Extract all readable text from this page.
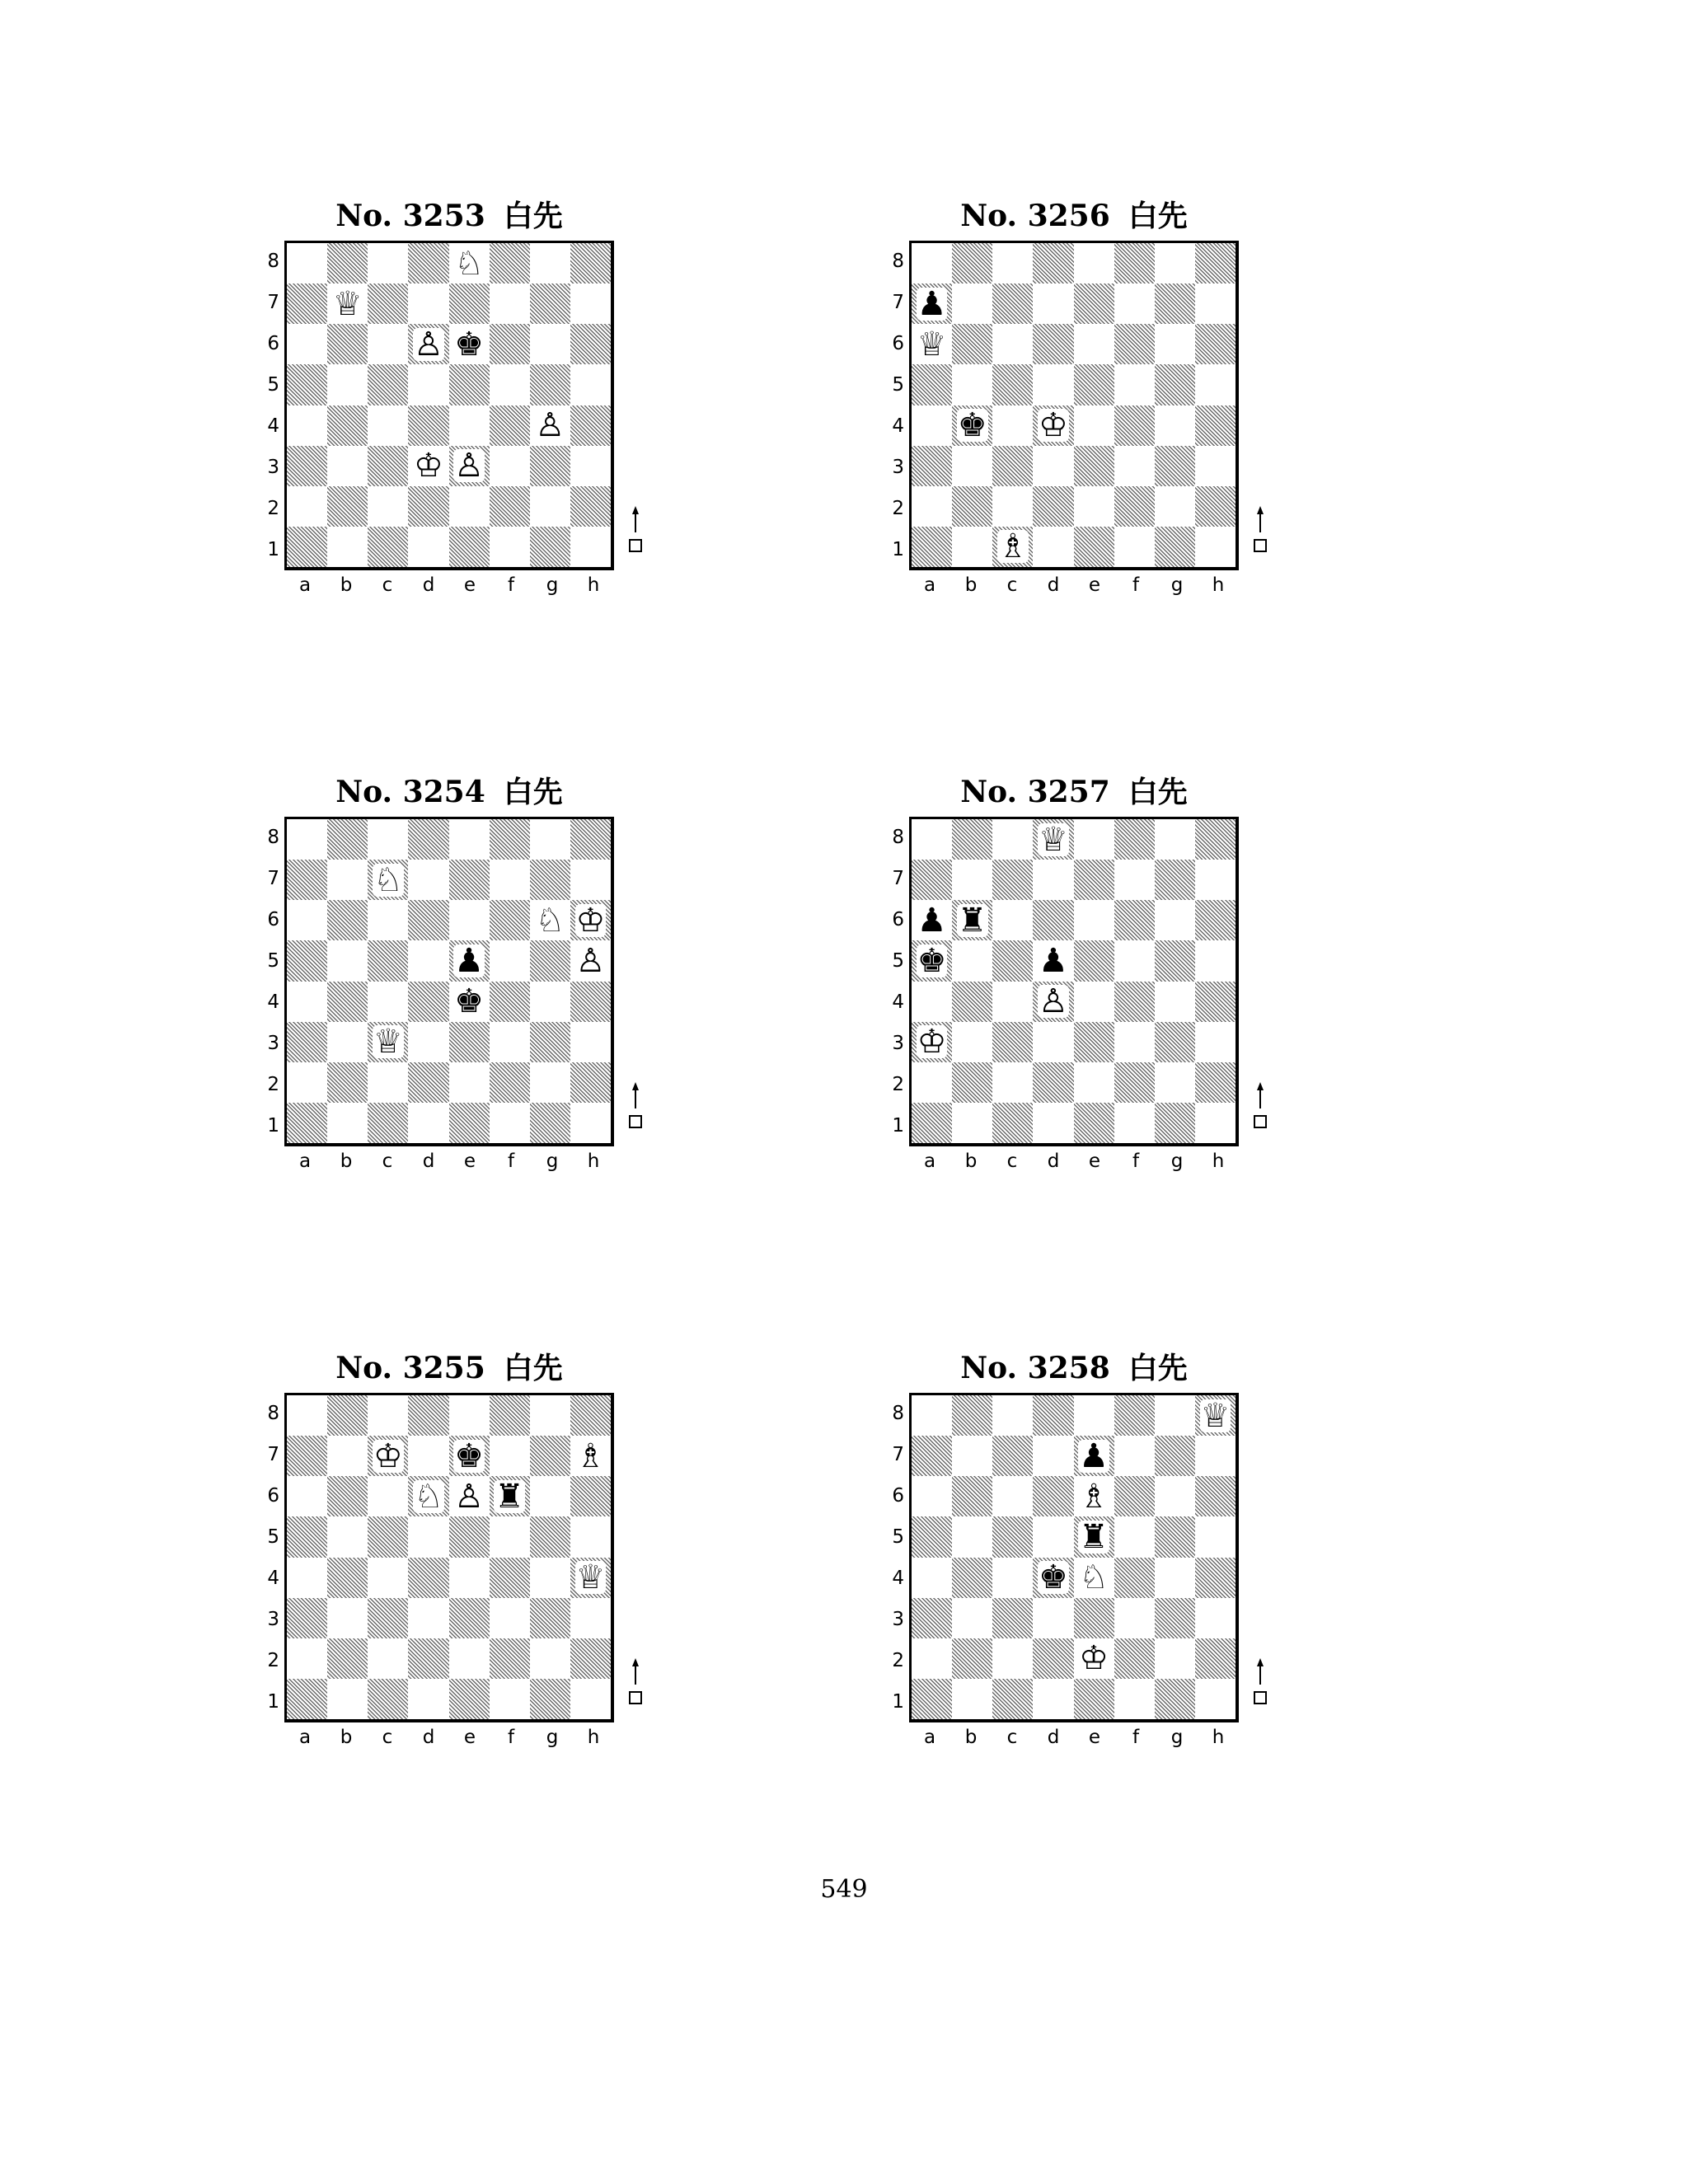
No. 3253 白先
♘
♕
♙ ♚
♙
♔ ♙
8
7
6
5
4
3
2
1
a	b	c	d	e	f	g	h
No. 3256 白先
♟
♕
♚ ♔
♗
8
7
6
5
4
3
2
1
a	b	c	d	e	f	g	h
No. 3254 白先
♘
♘ ♔
♟	♙
♚
♕
8
7
6
5
4
3
2
1
a	b	c	d	e	f	g	h
No. 3257 白先
♕
♟ ♜
♚	♟
♙
♔
8
7
6
5
4
3
2
1
a	b	c	d	e	f	g	h
No. 3255 白先
♔ ♚	♗
♘ ♙ ♜
♕
8
7
6
5
4
3
2
1
a	b	c	d	e	f	g	h
No. 3258 白先
♕
♟
♗
♜
♚ ♘
♔
8
7
6
5
4
3
2
1
a	b	c	d	e	f	g	h
549
